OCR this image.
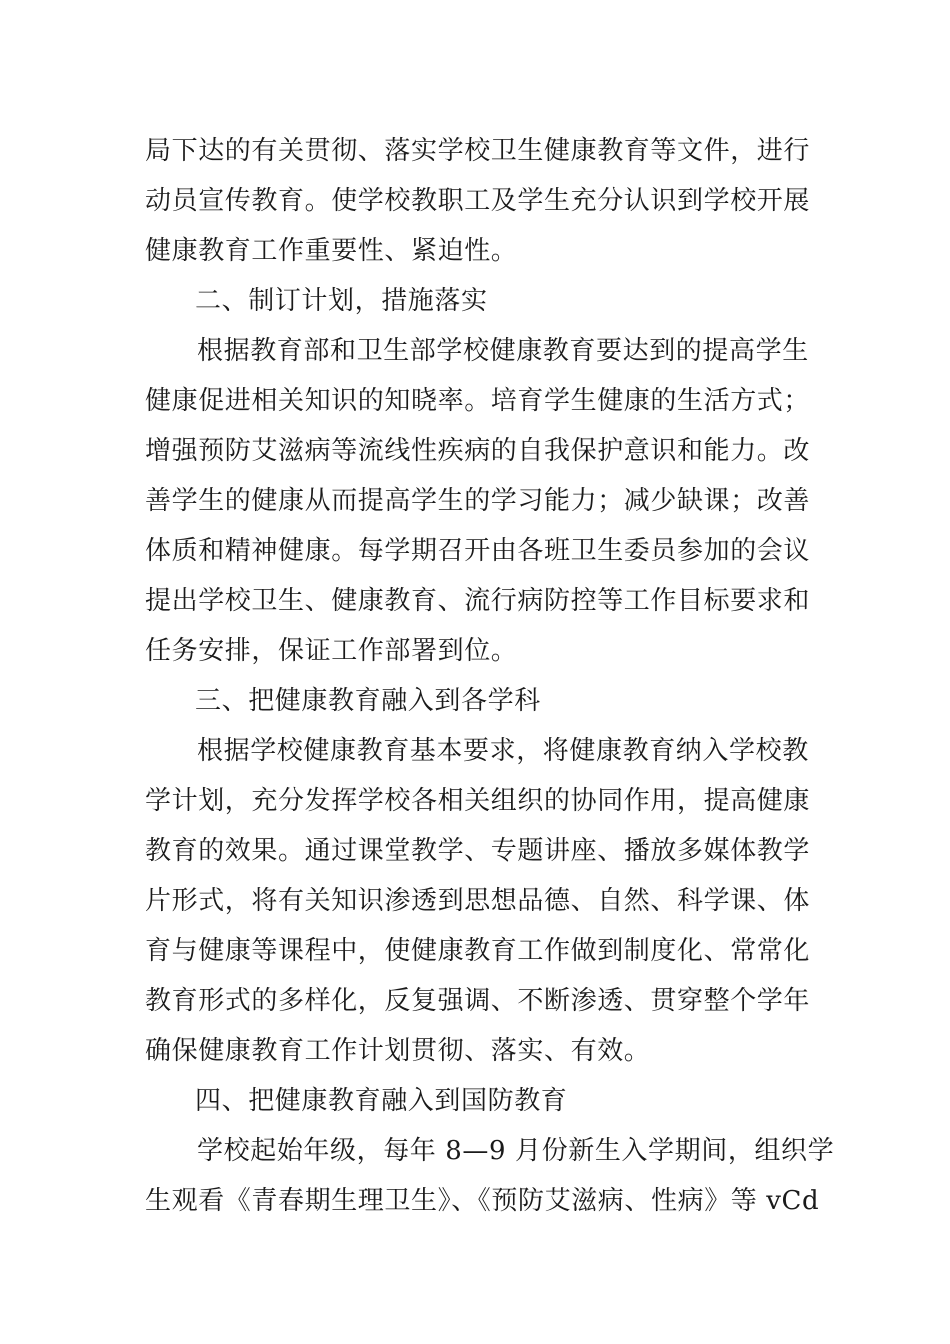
局下达的有关贯彻、落实学校卫生健康教育等文件，进行
动员宣传教育。使学校教职工及学生充分认识到学校开展
健康教育工作重要性、紧迫性。
二、制订计划，措施落实
根据教育部和卫生部学校健康教育要达到的提高学生
健康促进相关知识的知晓率。培育学生健康的生活方式；
增强预防艾滋病等流线性疾病的自我保护意识和能力。改
善学生的健康从而提高学生的学习能力；减少缺课；改善
体质和精神健康。每学期召开由各班卫生委员参加的会议
提出学校卫生、健康教育、流行病防控等工作目标要求和
任务安排，保证工作部署到位。
三、把健康教育融入到各学科
根据学校健康教育基本要求，将健康教育纳入学校教
学计划，充分发挥学校各相关组织的协同作用，提高健康
教育的效果。通过课堂教学、专题讲座、播放多媒体教学
片形式，将有关知识渗透到思想品德、自然、科学课、体
育与健康等课程中，使健康教育工作做到制度化、常常化
教育形式的多样化，反复强调、不断渗透、贯穿整个学年
确保健康教育工作计划贯彻、落实、有效。
四、把健康教育融入到国防教育
学校起始年级，每年 8—9 月份新生入学期间，组织学
生观看《青春期生理卫生》、《预防艾滋病、性病》等 vCd
